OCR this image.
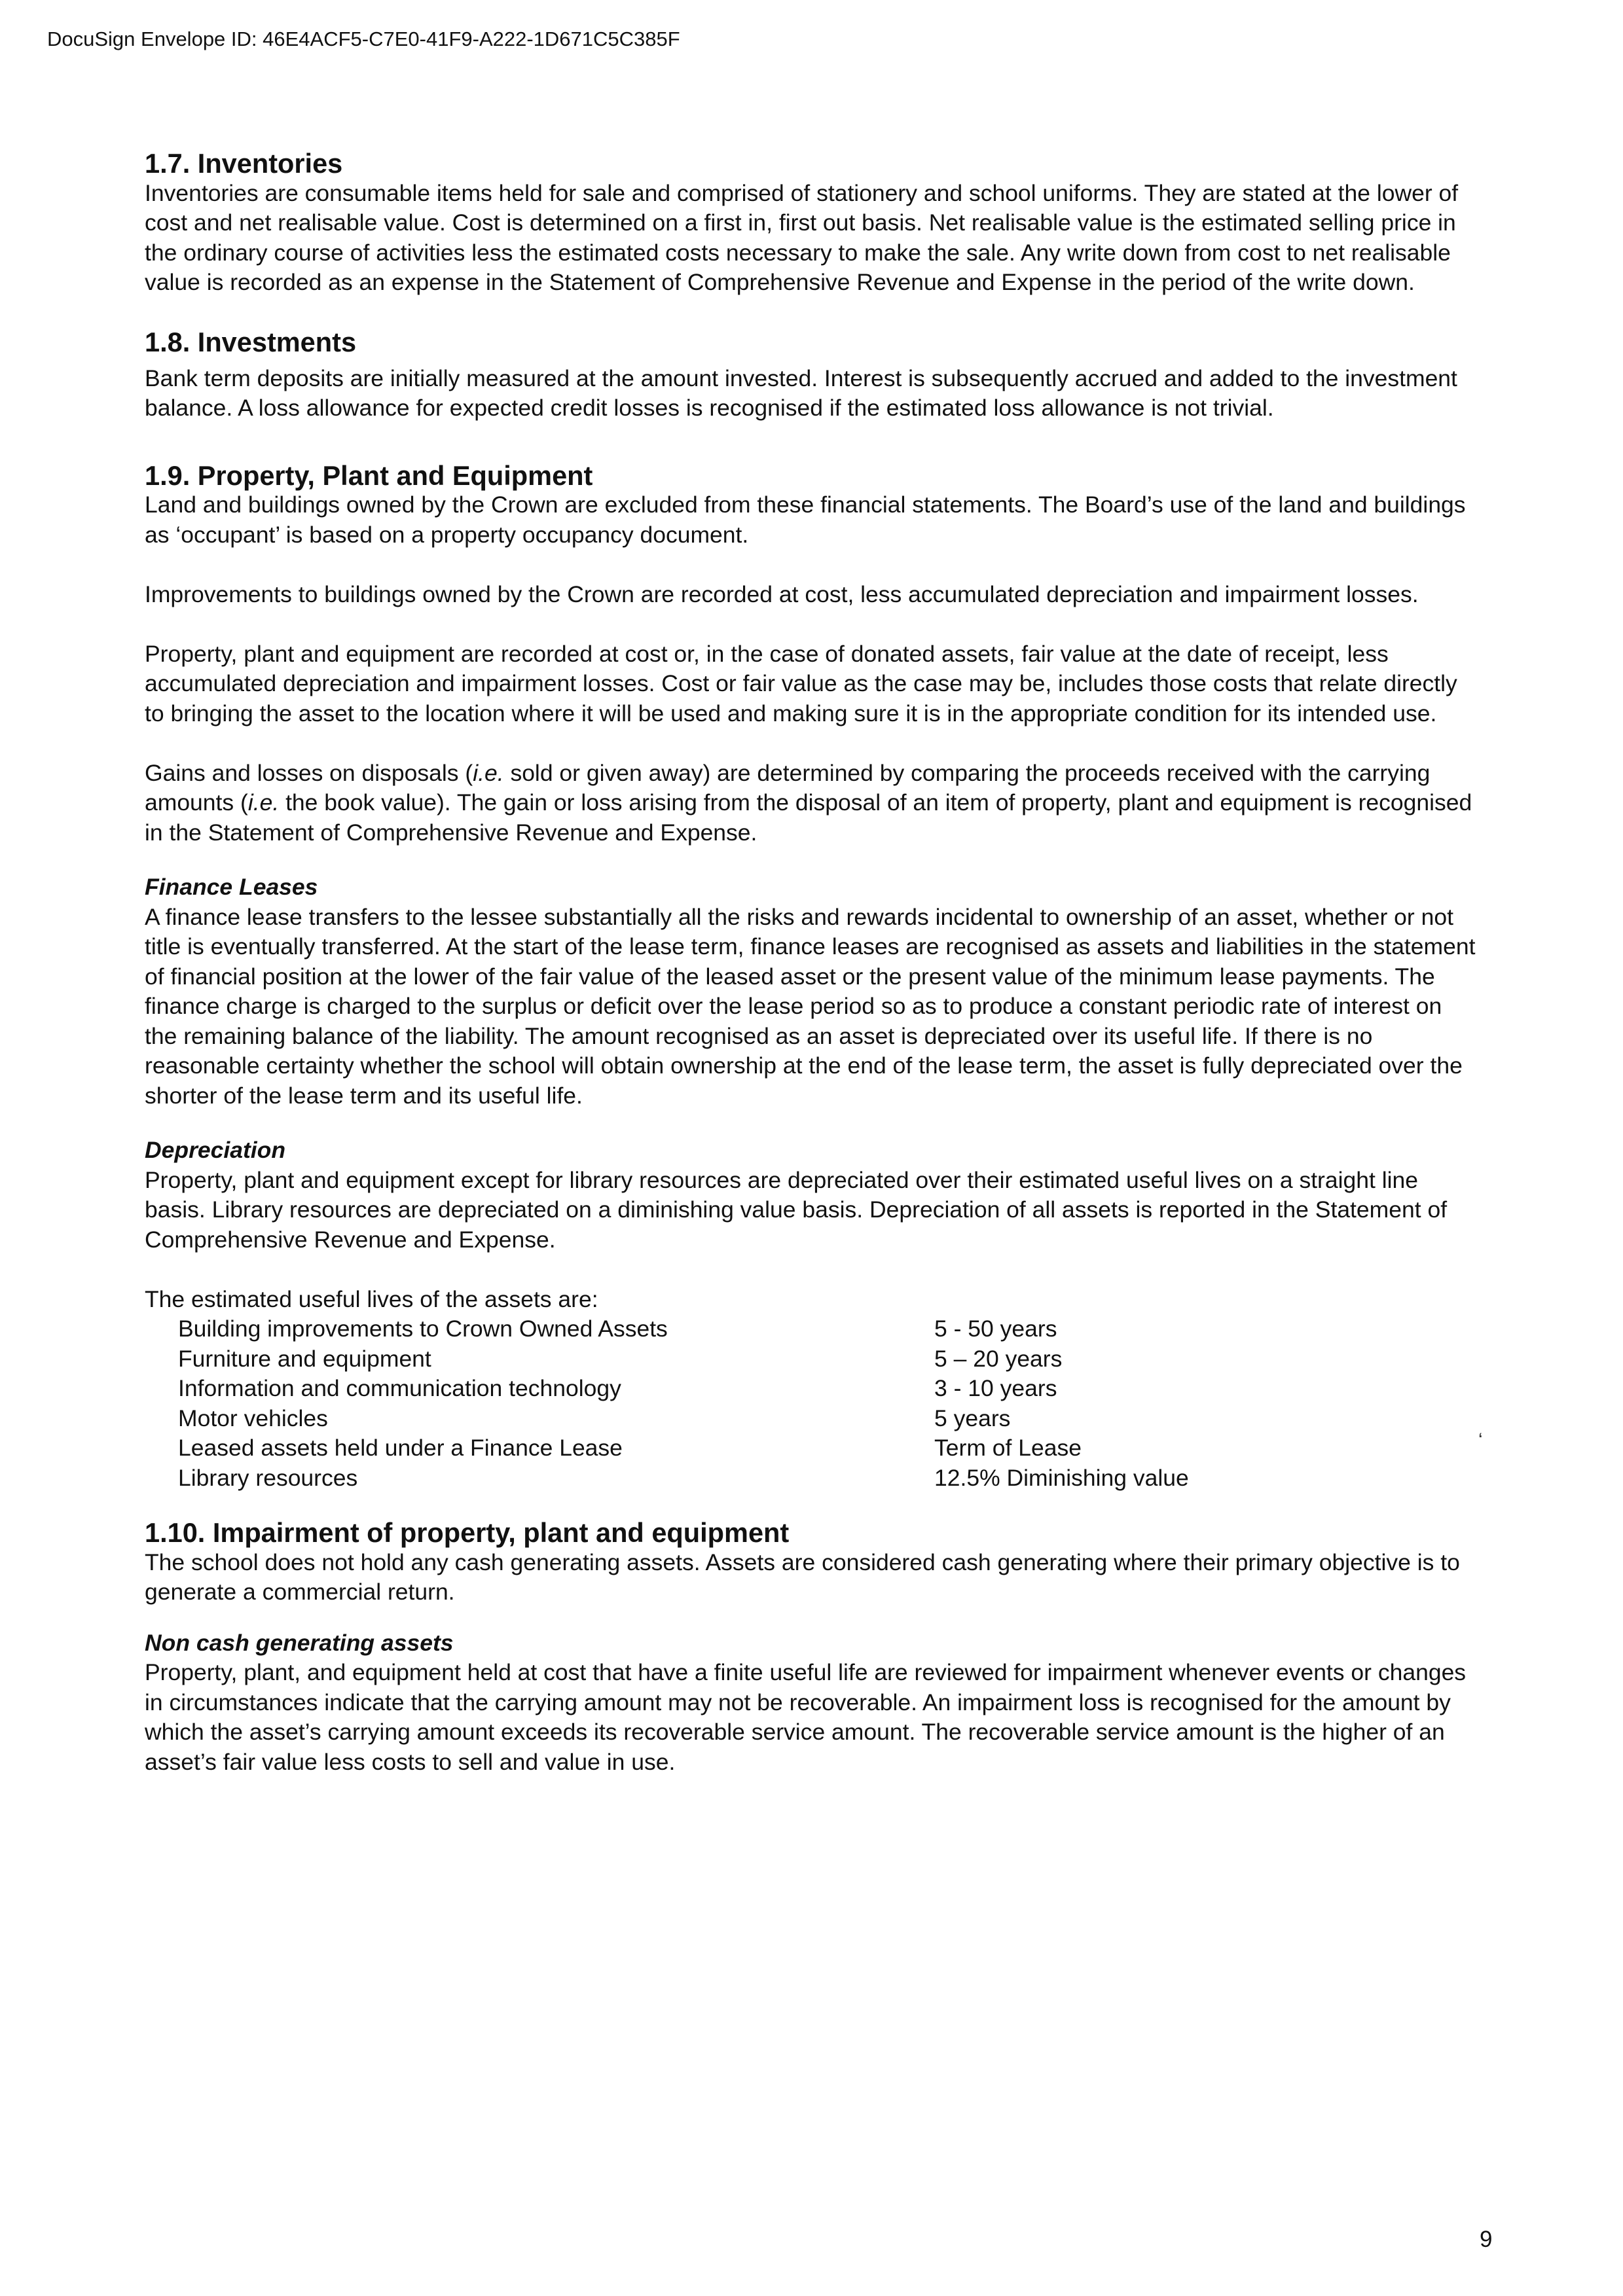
DocuSign Envelope ID: 46E4ACF5-C7E0-41F9-A222-1D671C5C385F
1.7. Inventories

Inventories are consumable items held for sale and comprised of stationery and school uniforms. They are stated at the lower of cost and net realisable value. Cost is determined on a first in, first out basis. Net realisable value is the estimated selling price in the ordinary course of activities less the estimated costs necessary to make the sale. Any write down from cost to net realisable value is recorded as an expense in the Statement of Comprehensive Revenue and Expense in the period of the write down.

1.8. Investments

Bank term deposits are initially measured at the amount invested. Interest is subsequently accrued and added to the investment balance. A loss allowance for expected credit losses is recognised if the estimated loss allowance is not trivial.

1.9. Property, Plant and Equipment

Land and buildings owned by the Crown are excluded from these financial statements. The Board’s use of the land and buildings as ‘occupant’ is based on a property occupancy document.

Improvements to buildings owned by the Crown are recorded at cost, less accumulated depreciation and impairment losses.

Property, plant and equipment are recorded at cost or, in the case of donated assets, fair value at the date of receipt, less accumulated depreciation and impairment losses. Cost or fair value as the case may be, includes those costs that relate directly to bringing the asset to the location where it will be used and making sure it is in the appropriate condition for its intended use.

Gains and losses on disposals (i.e. sold or given away) are determined by comparing the proceeds received with the carrying amounts (i.e. the book value). The gain or loss arising from the disposal of an item of property, plant and equipment is recognised in the Statement of Comprehensive Revenue and Expense.

Finance Leases

A finance lease transfers to the lessee substantially all the risks and rewards incidental to ownership of an asset, whether or not title is eventually transferred. At the start of the lease term, finance leases are recognised as assets and liabilities in the statement of financial position at the lower of the fair value of the leased asset or the present value of the minimum lease payments. The finance charge is charged to the surplus or deficit over the lease period so as to produce a constant periodic rate of interest on the remaining balance of the liability. The amount recognised as an asset is depreciated over its useful life. If there is no reasonable certainty whether the school will obtain ownership at the end of the lease term, the asset is fully depreciated over the shorter of the lease term and its useful life.

Depreciation

Property, plant and equipment except for library resources are depreciated over their estimated useful lives on a straight line basis. Library resources are depreciated on a diminishing value basis. Depreciation of all assets is reported in the Statement of Comprehensive Revenue and Expense.

The estimated useful lives of the assets are:

Building improvements to Crown Owned Assets	5 - 50 years
Furniture and equipment	5 – 20 years
Information and communication technology	3 - 10 years
Motor vehicles	5 years
Leased assets held under a Finance Lease	Term of Lease
Library resources	12.5% Diminishing value
1.10. Impairment of property, plant and equipment

The school does not hold any cash generating assets. Assets are considered cash generating where their primary objective is to generate a commercial return.

Non cash generating assets

Property, plant, and equipment held at cost that have a finite useful life are reviewed for impairment whenever events or changes in circumstances indicate that the carrying amount may not be recoverable. An impairment loss is recognised for the amount by which the asset’s carrying amount exceeds its recoverable service amount. The recoverable service amount is the higher of an asset’s fair value less costs to sell and value in use.

‘
9
